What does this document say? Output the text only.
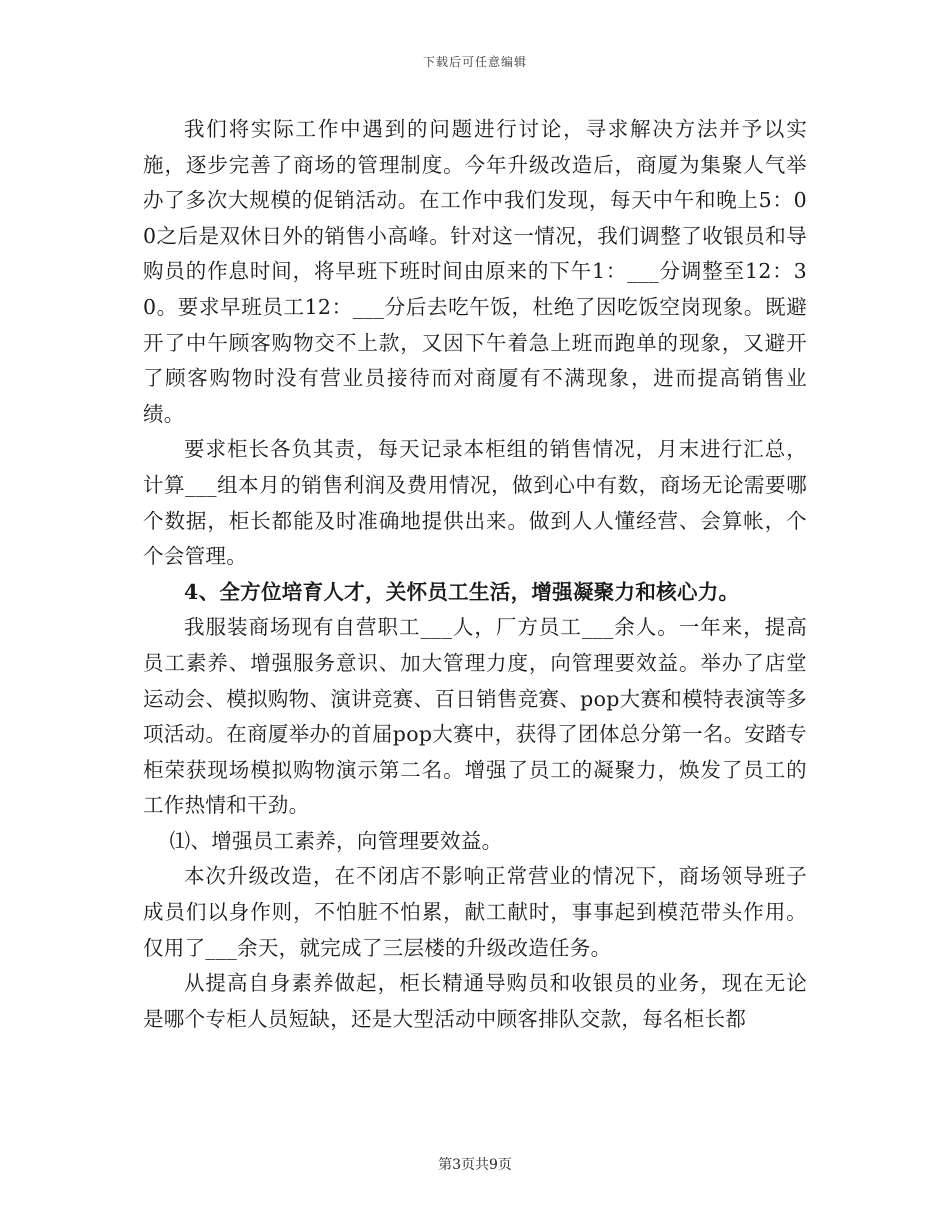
下载后可任意编辑

我们将实际工作中遇到的问题进行讨论，寻求解决方法并予以实施，逐步完善了商场的管理制度。今年升级改造后，商厦为集聚人气举办了多次大规模的促销活动。在工作中我们发现，每天中午和晚上5：00之后是双休日外的销售小高峰。针对这一情况，我们调整了收银员和导购员的作息时间，将早班下班时间由原来的下午1：___分调整至12：30。要求早班员工12：___分后去吃午饭，杜绝了因吃饭空岗现象。既避开了中午顾客购物交不上款，又因下午着急上班而跑单的现象，又避开了顾客购物时没有营业员接待而对商厦有不满现象，进而提高销售业绩。

要求柜长各负其责，每天记录本柜组的销售情况，月末进行汇总，计算___组本月的销售利润及费用情况，做到心中有数，商场无论需要哪个数据，柜长都能及时准确地提供出来。做到人人懂经营、会算帐，个个会管理。

4、全方位培育人才，关怀员工生活，增强凝聚力和核心力。

我服装商场现有自营职工___人，厂方员工___余人。一年来，提高员工素养、增强服务意识、加大管理力度，向管理要效益。举办了店堂运动会、模拟购物、演讲竞赛、百日销售竞赛、pop大赛和模特表演等多项活动。在商厦举办的首届pop大赛中，获得了团体总分第一名。安踏专柜荣获现场模拟购物演示第二名。增强了员工的凝聚力，焕发了员工的工作热情和干劲。

⑴、增强员工素养，向管理要效益。

本次升级改造，在不闭店不影响正常营业的情况下，商场领导班子成员们以身作则，不怕脏不怕累，献工献时，事事起到模范带头作用。仅用了___余天，就完成了三层楼的升级改造任务。

从提高自身素养做起，柜长精通导购员和收银员的业务，现在无论是哪个专柜人员短缺，还是大型活动中顾客排队交款，每名柜长都

第3页共9页
